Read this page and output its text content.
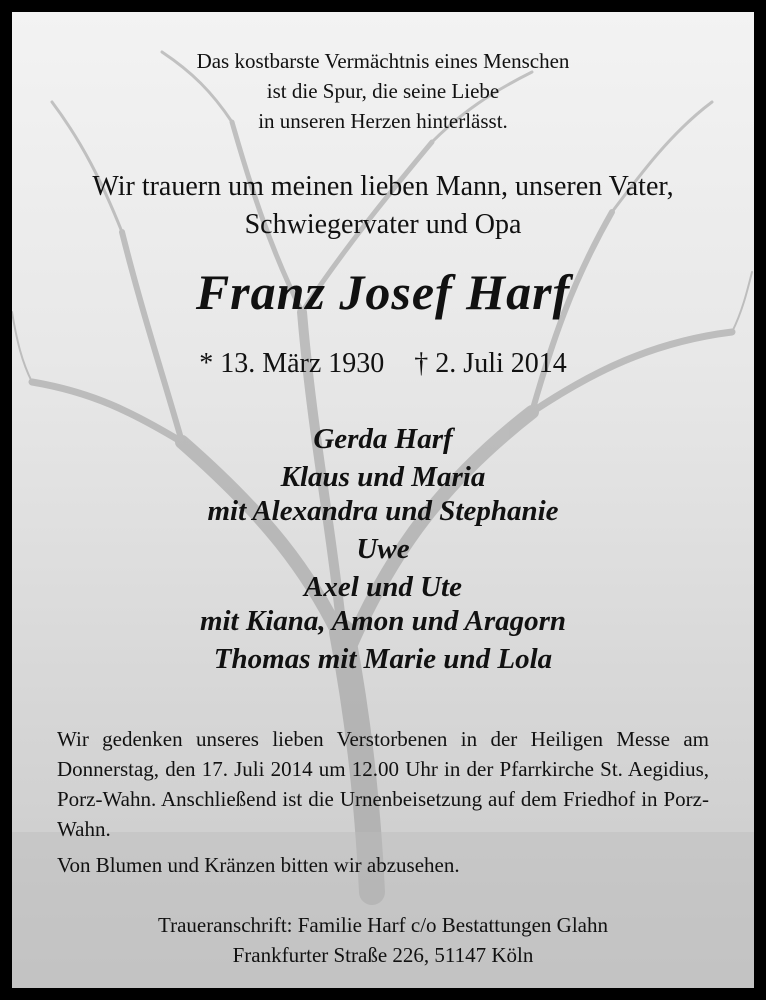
Das kostbarste Vermächtnis eines Menschen
ist die Spur, die seine Liebe
in unseren Herzen hinterlässt.
Wir trauern um meinen lieben Mann, unseren Vater,
Schwiegervater und Opa
Franz Josef Harf
* 13. März 1930 † 2. Juli 2014
Gerda Harf
Klaus und Maria
mit Alexandra und Stephanie
Uwe
Axel und Ute
mit Kiana, Amon und Aragorn
Thomas mit Marie und Lola

Wir gedenken unseres lieben Verstorbenen in der Heiligen Messe am Donnerstag, den 17. Juli 2014 um 12.00 Uhr in der Pfarrkirche St. Aegidius, Porz-Wahn. Anschließend ist die Urnenbeisetzung auf dem Friedhof in Porz-Wahn.

Von Blumen und Kränzen bitten wir abzusehen.

Traueranschrift: Familie Harf c/o Bestattungen Glahn
Frankfurter Straße 226, 51147 Köln
